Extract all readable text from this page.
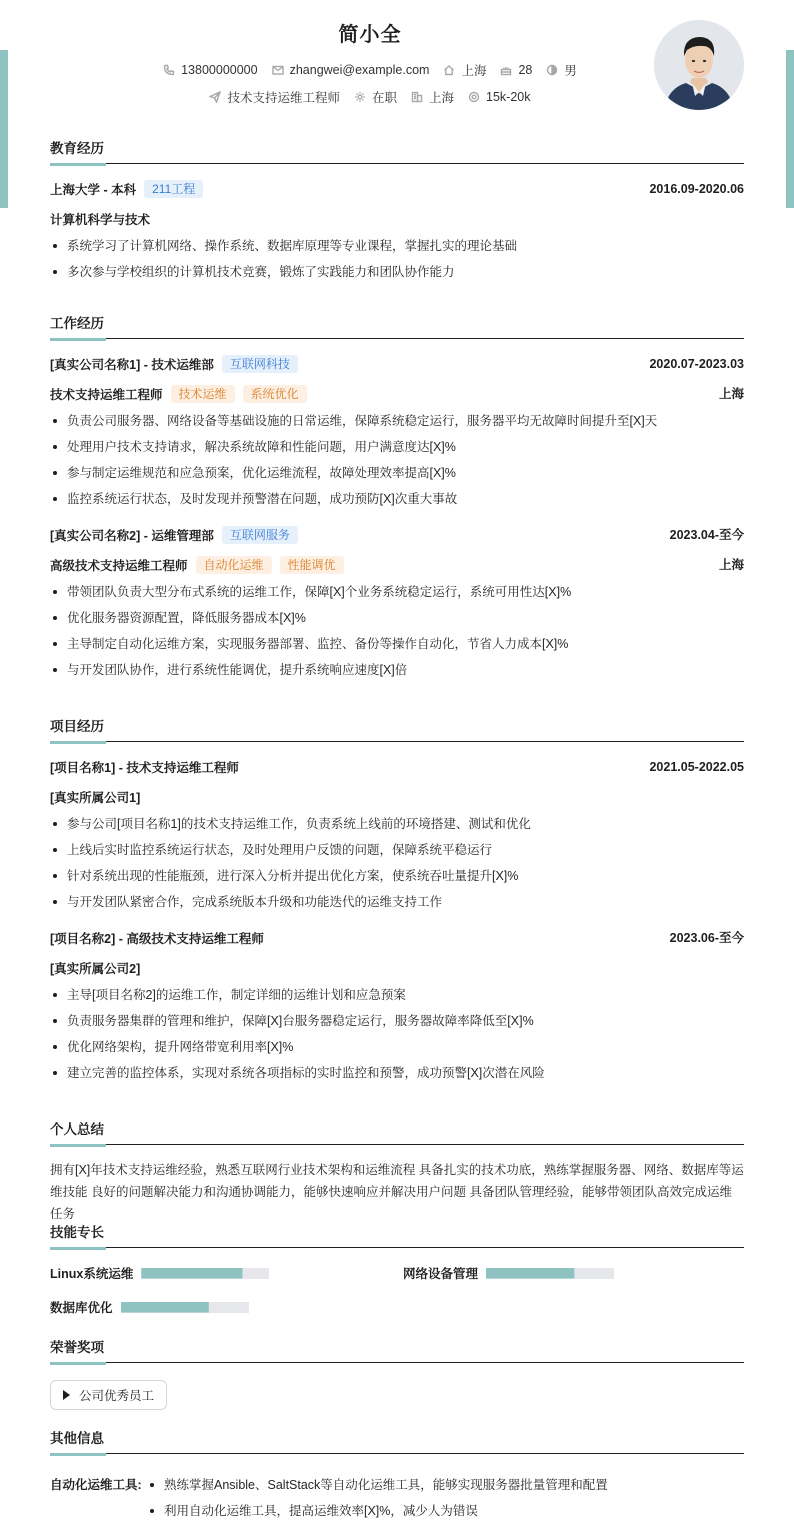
简小全
13800000000	zhangwei@example.com	上海	28	男
技术支持运维工程师	在职	上海	15k-20k
教育经历
上海大学 - 本科	211工程	2016.09-2020.06
计算机科学与技术
系统学习了计算机网络、操作系统、数据库原理等专业课程，掌握扎实的理论基础
多次参与学校组织的计算机技术竞赛，锻炼了实践能力和团队协作能力
工作经历
[真实公司名称1] - 技术运维部	互联网科技	2020.07-2023.03
技术支持运维工程师	技术运维	系统优化	上海
负责公司服务器、网络设备等基础设施的日常运维，保障系统稳定运行，服务器平均无故障时间提升至[X]天
处理用户技术支持请求，解决系统故障和性能问题，用户满意度达[X]%
参与制定运维规范和应急预案，优化运维流程，故障处理效率提高[X]%
监控系统运行状态，及时发现并预警潜在问题，成功预防[X]次重大事故
[真实公司名称2] - 运维管理部	互联网服务	2023.04-至今
高级技术支持运维工程师	自动化运维	性能调优	上海
带领团队负责大型分布式系统的运维工作，保障[X]个业务系统稳定运行，系统可用性达[X]%
优化服务器资源配置，降低服务器成本[X]%
主导制定自动化运维方案，实现服务器部署、监控、备份等操作自动化，节省人力成本[X]%
与开发团队协作，进行系统性能调优，提升系统响应速度[X]倍
项目经历
[项目名称1] - 技术支持运维工程师	2021.05-2022.05
[真实所属公司1]
参与公司[项目名称1]的技术支持运维工作，负责系统上线前的环境搭建、测试和优化
上线后实时监控系统运行状态，及时处理用户反馈的问题，保障系统平稳运行
针对系统出现的性能瓶颈，进行深入分析并提出优化方案，使系统吞吐量提升[X]%
与开发团队紧密合作，完成系统版本升级和功能迭代的运维支持工作
[项目名称2] - 高级技术支持运维工程师	2023.06-至今
[真实所属公司2]
主导[项目名称2]的运维工作，制定详细的运维计划和应急预案
负责服务器集群的管理和维护，保障[X]台服务器稳定运行，服务器故障率降低至[X]%
优化网络架构，提升网络带宽利用率[X]%
建立完善的监控体系，实现对系统各项指标的实时监控和预警，成功预警[X]次潜在风险
个人总结
拥有[X]年技术支持运维经验，熟悉互联网行业技术架构和运维流程 具备扎实的技术功底，熟练掌握服务器、网络、数据库等运维技能 良好的问题解决能力和沟通协调能力，能够快速响应并解决用户问题 具备团队管理经验，能够带领团队高效完成运维任务
技能专长
Linux系统运维	网络设备管理
数据库优化
荣誉奖项
公司优秀员工
其他信息
自动化运维工具:	熟练掌握Ansible、SaltStack等自动化运维工具，能够实现服务器批量管理和配置
利用自动化运维工具，提高运维效率[X]%，减少人为错误
